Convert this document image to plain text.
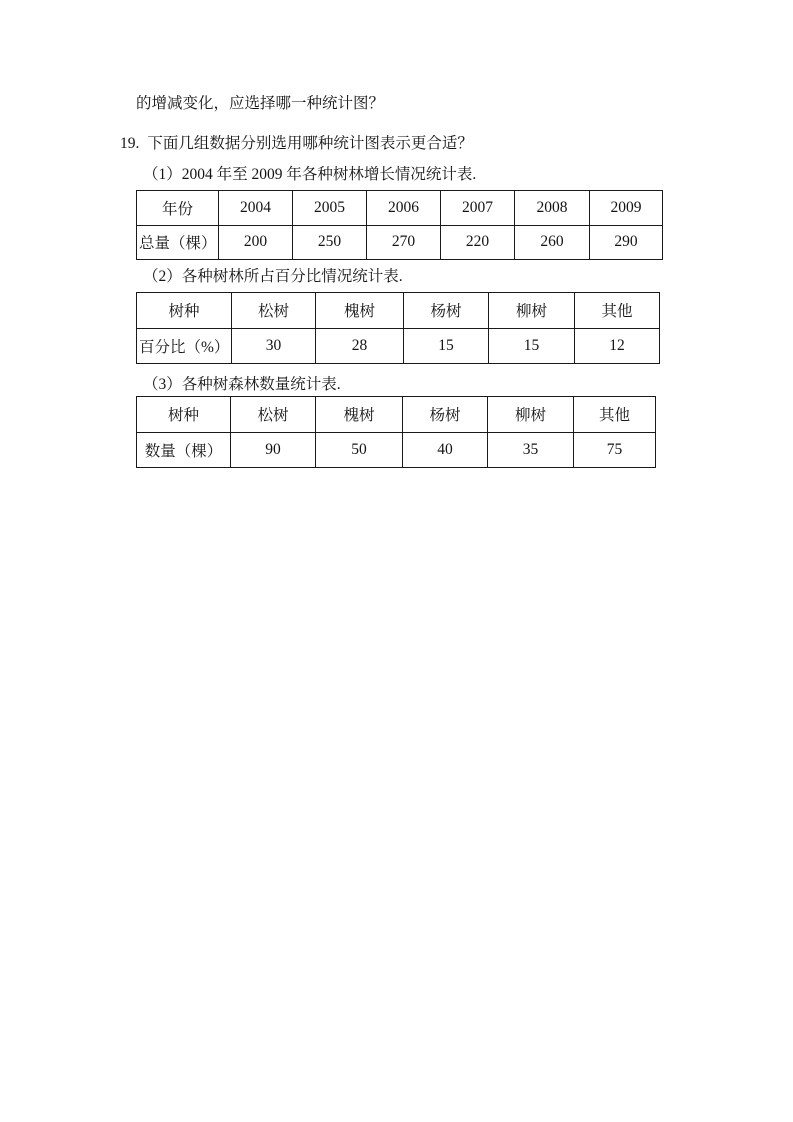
的增减变化，应选择哪一种统计图？
19. 下面几组数据分别选用哪种统计图表示更合适？
（1）2004 年至 2009 年各种树林增长情况统计表.
年份	2004	2005	2006	2007	2008	2009
总量（棵）	200	250	270	220	260	290
（2）各种树林所占百分比情况统计表.
树种	松树	槐树	杨树	柳树	其他
百分比（%）	30	28	15	15	12
（3）各种树森林数量统计表.
树种	松树	槐树	杨树	柳树	其他
数量（棵）	90	50	40	35	75
